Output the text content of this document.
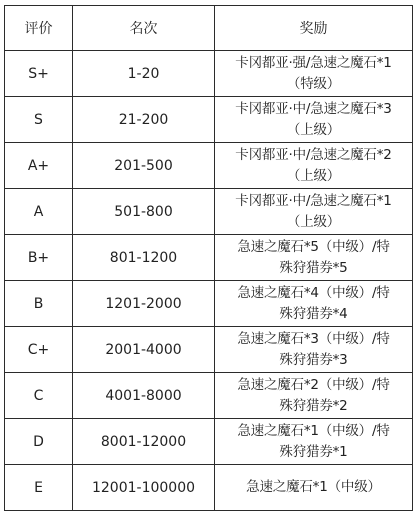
评价	名次	奖励
S+	1-20	卡冈都亚·强/急速之魔石*1
（特级）

S	21-200	卡冈都亚·中/急速之魔石*3
（上级）

A+	201-500	卡冈都亚·中/急速之魔石*2
（上级）

A	501-800	卡冈都亚·中/急速之魔石*1
（上级）

B+	801-1200	急速之魔石*5（中级）/特
殊狩猎券*5

B	1201-2000	急速之魔石*4（中级）/特
殊狩猎券*4

C+	2001-4000	急速之魔石*3（中级）/特
殊狩猎券*3

C	4001-8000	急速之魔石*2（中级）/特
殊狩猎券*2

D	8001-12000	急速之魔石*1（中级）/特
殊狩猎券*1

E	12001-100000	急速之魔石*1（中级）
